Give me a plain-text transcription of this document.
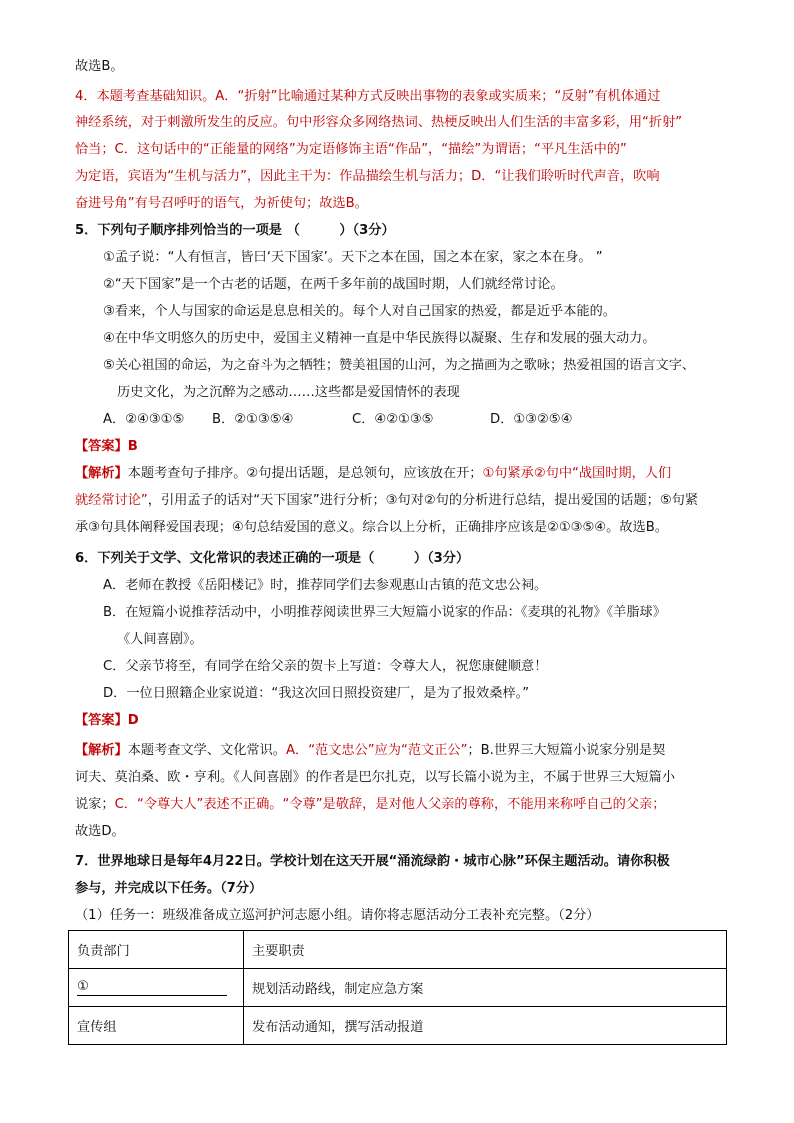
故选B。
4．本题考查基础知识。A．“折射”比喻通过某种方式反映出事物的表象或实质来；“反射”有机体通过
神经系统，对于刺激所发生的反应。句中形容众多网络热词、热梗反映出人们生活的丰富多彩，用“折射”
恰当；C．这句话中的“正能量的网络”为定语修饰主语“作品”，“描绘”为谓语；“平凡生活中的”
为定语，宾语为“生机与活力”，因此主干为：作品描绘生机与活力；D．“让我们聆听时代声音，吹响
奋进号角”有号召呼吁的语气，为祈使句；故选B。
5．下列句子顺序排列恰当的一项是 （　　　）（3分）
①孟子说：“人有恒言，皆曰‘天下国家’。天下之本在国，国之本在家，家之本在身。 ”
②“天下国家”是一个古老的话题，在两千多年前的战国时期，人们就经常讨论。
③看来，个人与国家的命运是息息相关的。每个人对自己国家的热爱，都是近乎本能的。
④在中华文明悠久的历史中，爱国主义精神一直是中华民族得以凝聚、生存和发展的强大动力。
⑤关心祖国的命运，为之奋斗为之牺牲；赞美祖国的山河，为之描画为之歌咏；热爱祖国的语言文字、
历史文化，为之沉醉为之感动……这些都是爱国情怀的表现
A．②④③①⑤ B．②①③⑤④	C．④②①③⑤	D．①③②⑤④
【答案】B
【解析】本题考查句子排序。②句提出话题，是总领句，应该放在开；①句紧承②句中“战国时期，人们
就经常讨论”，引用孟子的话对“天下国家”进行分析；③句对②句的分析进行总结，提出爱国的话题；⑤句紧
承③句具体阐释爱国表现；④句总结爱国的意义。综合以上分析，正确排序应该是②①③⑤④。故选B。
6．下列关于文学、文化常识的表述正确的一项是（　　　）（3分）
A．老师在教授《岳阳楼记》时，推荐同学们去参观惠山古镇的范文忠公祠。
B．在短篇小说推荐活动中，小明推荐阅读世界三大短篇小说家的作品：《麦琪的礼物》《羊脂球》
《人间喜剧》。
C．父亲节将至，有同学在给父亲的贺卡上写道：令尊大人，祝您康健顺意！
D．一位日照籍企业家说道：“我这次回日照投资建厂，是为了报效桑梓。”
【答案】D
【解析】本题考查文学、文化常识。A．“范文忠公”应为“范文正公”；B.世界三大短篇小说家分别是契
诃夫、莫泊桑、欧・亨利。《人间喜剧》的作者是巴尔扎克，以写长篇小说为主，不属于世界三大短篇小
说家；C．“令尊大人”表述不正确。“令尊”是敬辞，是对他人父亲的尊称，不能用来称呼自己的父亲；
故选D。
7．世界地球日是每年4月22日。学校计划在这天开展“涌流绿韵・城市心脉”环保主题活动。请你积极
参与，并完成以下任务。（7分）
（1）任务一：班级准备成立巡河护河志愿小组。请你将志愿活动分工表补充完整。（2分）
负责部门	主要职责
①	规划活动路线，制定应急方案
宣传组	发布活动通知，撰写活动报道
